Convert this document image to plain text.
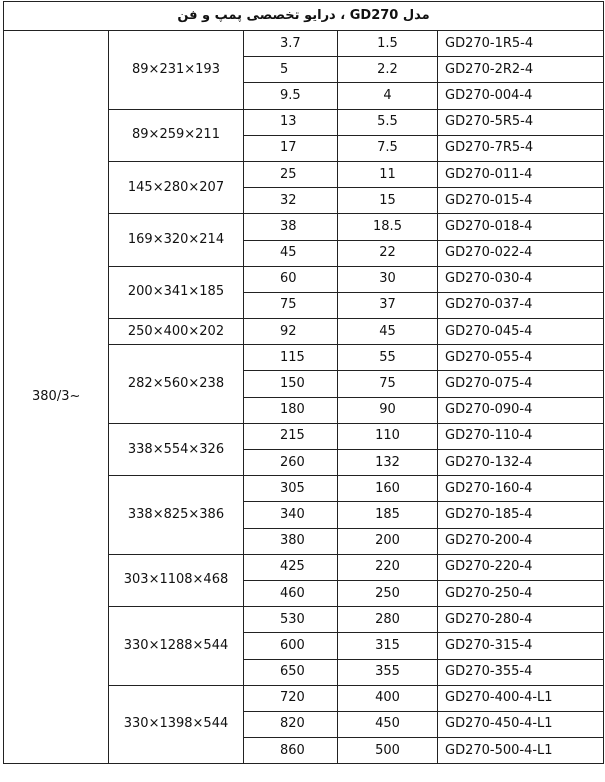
مدل GD270 ، درایو تخصصی پمپ و فن				
380/3~	89×231×193	3.7	1.5	GD270-1R5-4
		5	2.2	GD270-2R2-4
		9.5	4	GD270-004-4
	89×259×211	13	5.5	GD270-5R5-4
		17	7.5	GD270-7R5-4
	145×280×207	25	11	GD270-011-4
		32	15	GD270-015-4
	169×320×214	38	18.5	GD270-018-4
		45	22	GD270-022-4
	200×341×185	60	30	GD270-030-4
		75	37	GD270-037-4
	250×400×202	92	45	GD270-045-4
	282×560×238	115	55	GD270-055-4
		150	75	GD270-075-4
		180	90	GD270-090-4
	338×554×326	215	110	GD270-110-4
		260	132	GD270-132-4
	338×825×386	305	160	GD270-160-4
		340	185	GD270-185-4
		380	200	GD270-200-4
	303×1108×468	425	220	GD270-220-4
		460	250	GD270-250-4
	330×1288×544	530	280	GD270-280-4
		600	315	GD270-315-4
		650	355	GD270-355-4
	330×1398×544	720	400	GD270-400-4-L1
		820	450	GD270-450-4-L1
		860	500	GD270-500-4-L1
